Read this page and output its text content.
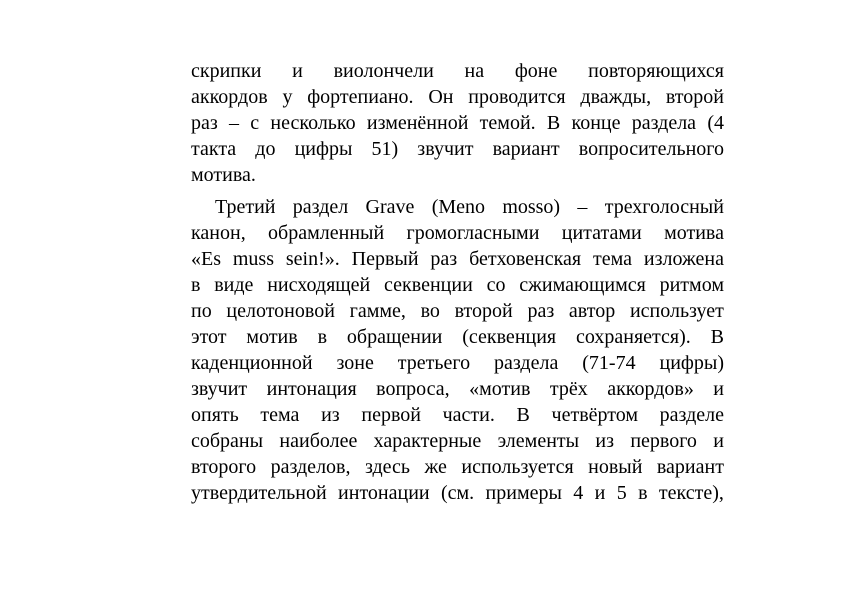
скрипки и виолончели на фоне повторяющихся
аккордов у фортепиано. Он проводится дважды, второй
раз – с несколько изменённой темой. В конце раздела (4
такта до цифры 51) звучит вариант вопросительного
мотива.
Третий раздел Grave (Meno mosso) – трехголосный
канон, обрамленный громогласными цитатами мотива
«Es muss sein!». Первый раз бетховенская тема изложена
в виде нисходящей секвенции со сжимающимся ритмом
по целотоновой гамме, во второй раз автор использует
этот мотив в обращении (секвенция сохраняется). В
каденционной зоне третьего раздела (71-74 цифры)
звучит интонация вопроса, «мотив трёх аккордов» и
опять тема из первой части. В четвёртом разделе
собраны наиболее характерные элементы из первого и
второго разделов, здесь же используется новый вариант
утвердительной интонации (см. примеры 4 и 5 в тексте),
